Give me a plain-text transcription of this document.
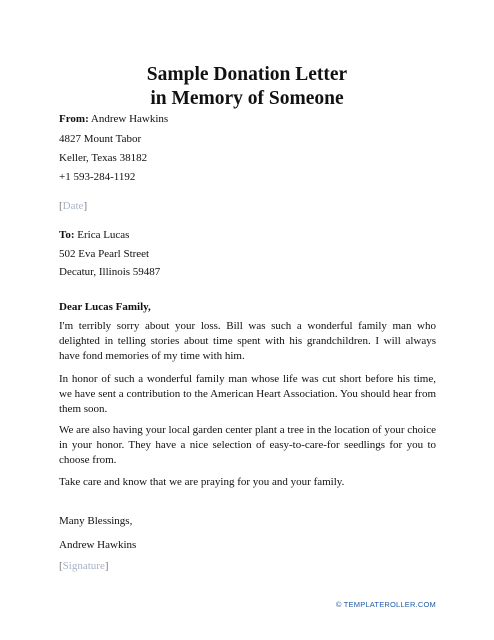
Sample Donation Letter
in Memory of Someone
From: Andrew Hawkins
4827 Mount Tabor
Keller, Texas 38182
+1 593-284-1192
[Date]
To: Erica Lucas
502 Eva Pearl Street
Decatur, Illinois 59487
Dear Lucas Family,
I'm terribly sorry about your loss. Bill was such a wonderful family man who delighted in telling stories about time spent with his grandchildren. I will always have fond memories of my time with him.
In honor of such a wonderful family man whose life was cut short before his time, we have sent a contribution to the American Heart Association. You should hear from them soon.
We are also having your local garden center plant a tree in the location of your choice in your honor. They have a nice selection of easy-to-care-for seedlings for you to choose from.
Take care and know that we are praying for you and your family.
Many Blessings,
Andrew Hawkins
[Signature]
© TEMPLATEROLLER.COM
